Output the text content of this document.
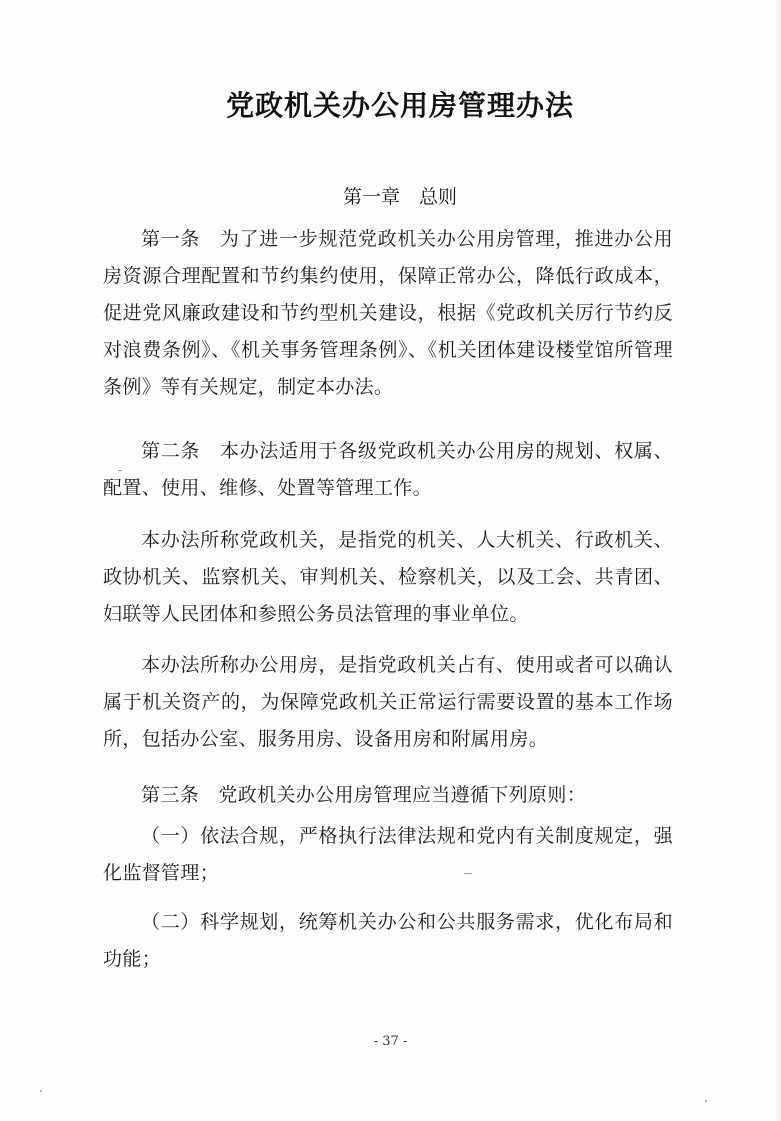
党政机关办公用房管理办法
第一章　总则

第一条　为了进一步规范党政机关办公用房管理，推进办公用房资源合理配置和节约集约使用，保障正常办公，降低行政成本，促进党风廉政建设和节约型机关建设，根据《党政机关厉行节约反对浪费条例》、《机关事务管理条例》、《机关团体建设楼堂馆所管理条例》等有关规定，制定本办法。

第二条　本办法适用于各级党政机关办公用房的规划、权属、配置、使用、维修、处置等管理工作。

本办法所称党政机关，是指党的机关、人大机关、行政机关、政协机关、监察机关、审判机关、检察机关，以及工会、共青团、妇联等人民团体和参照公务员法管理的事业单位。

本办法所称办公用房，是指党政机关占有、使用或者可以确认属于机关资产的，为保障党政机关正常运行需要设置的基本工作场所，包括办公室、服务用房、设备用房和附属用房。

第三条　党政机关办公用房管理应当遵循下列原则：

（一）依法合规，严格执行法律法规和党内有关制度规定，强化监督管理；

（二）科学规划，统筹机关办公和公共服务需求，优化布局和功能；

- 37 -
